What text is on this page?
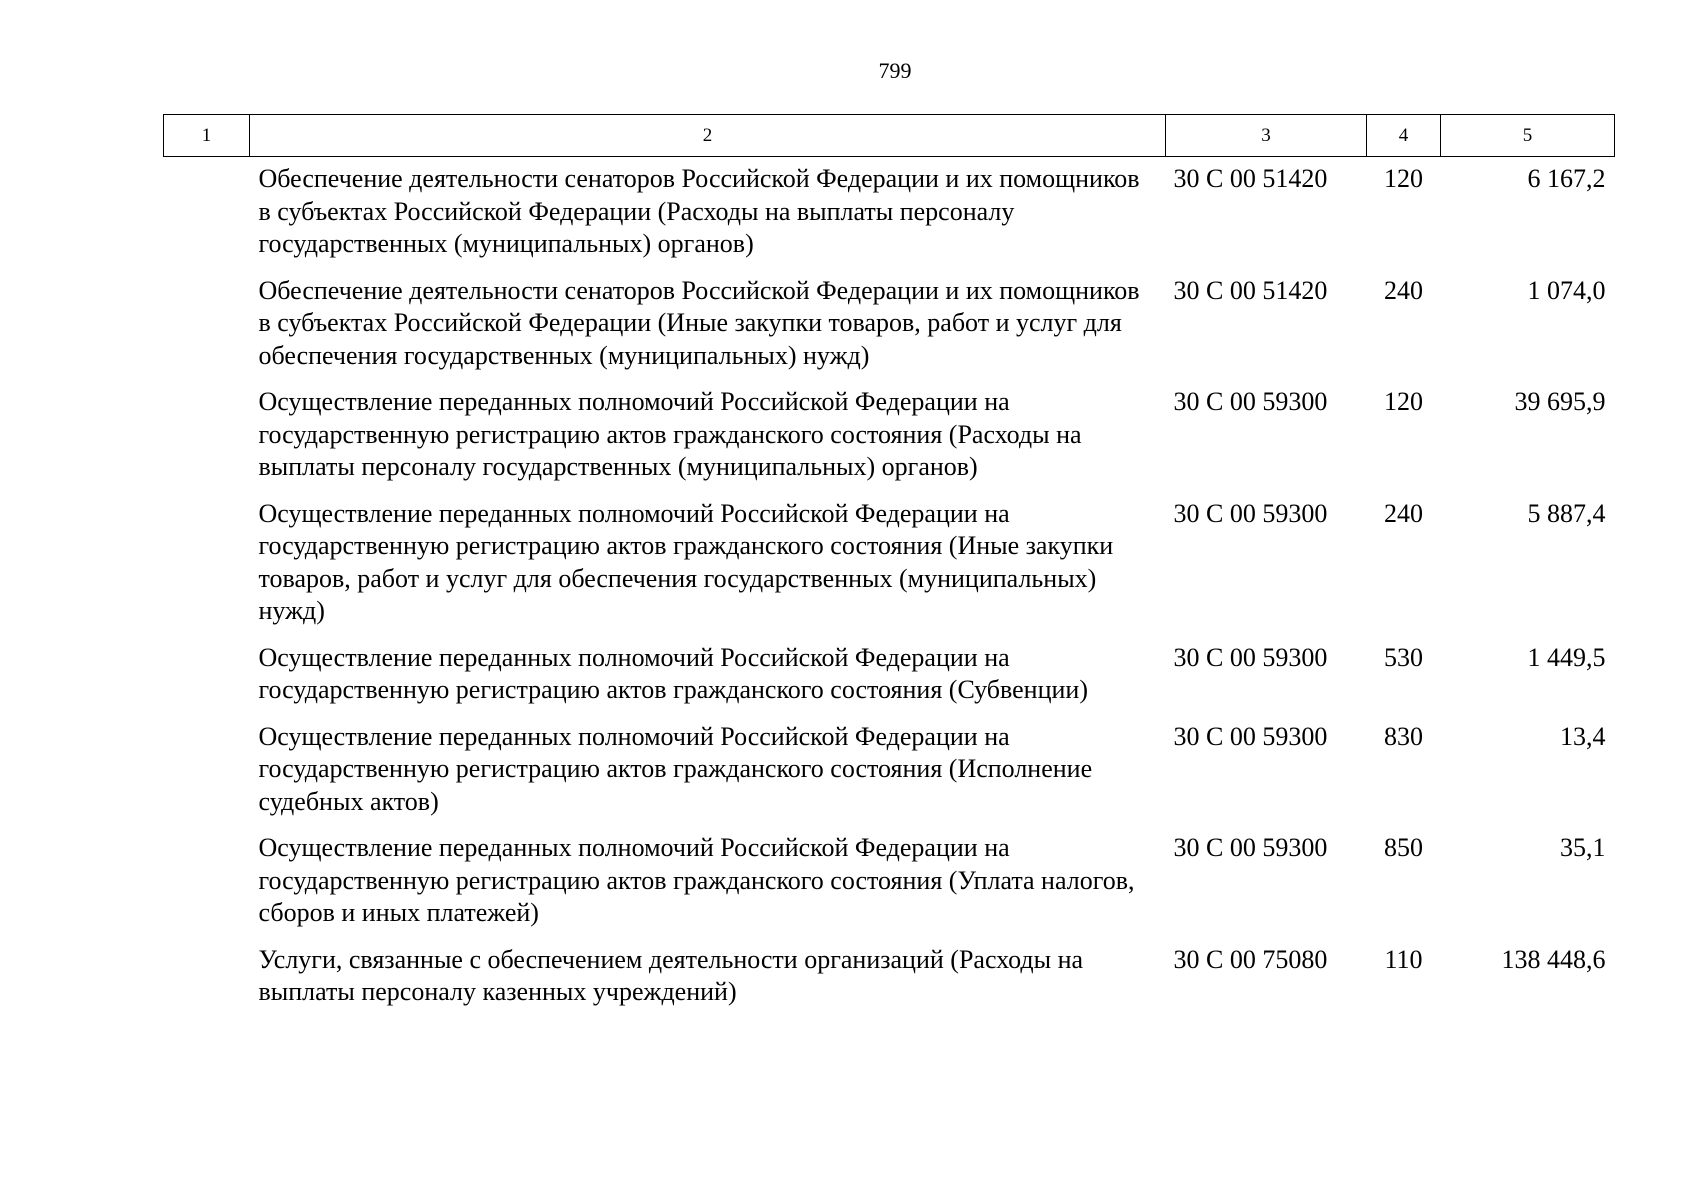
799
1	2	3	4	5
	Обеспечение деятельности сенаторов Российской Федерации и их помощников в субъектах Российской Федерации (Расходы на выплаты персоналу государственных (муниципальных) органов)	30 С 00 51420	120	6 167,2
	Обеспечение деятельности сенаторов Российской Федерации и их помощников в субъектах Российской Федерации (Иные закупки товаров, работ и услуг для обеспечения государственных (муниципальных) нужд)	30 С 00 51420	240	1 074,0
	Осуществление переданных полномочий Российской Федерации на государственную регистрацию актов гражданского состояния (Расходы на выплаты персоналу государственных (муниципальных) органов)	30 С 00 59300	120	39 695,9
	Осуществление переданных полномочий Российской Федерации на государственную регистрацию актов гражданского состояния (Иные закупки товаров, работ и услуг для обеспечения государственных (муниципальных) нужд)	30 С 00 59300	240	5 887,4
	Осуществление переданных полномочий Российской Федерации на государственную регистрацию актов гражданского состояния (Субвенции)	30 С 00 59300	530	1 449,5
	Осуществление переданных полномочий Российской Федерации на государственную регистрацию актов гражданского состояния (Исполнение судебных актов)	30 С 00 59300	830	13,4
	Осуществление переданных полномочий Российской Федерации на государственную регистрацию актов гражданского состояния (Уплата налогов, сборов и иных платежей)	30 С 00 59300	850	35,1
	Услуги, связанные с обеспечением деятельности организаций (Расходы на выплаты персоналу казенных учреждений)	30 С 00 75080	110	138 448,6
